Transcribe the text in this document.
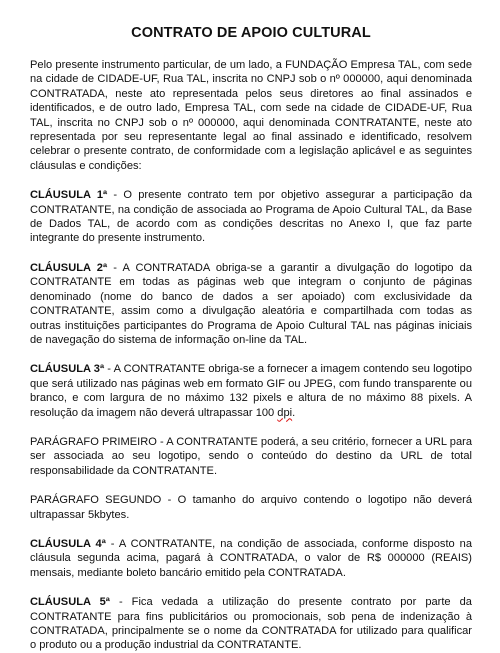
CONTRATO DE APOIO CULTURAL

Pelo presente instrumento particular, de um lado, a FUNDAÇÃO Empresa TAL, com sede na cidade de CIDADE-UF, Rua TAL, inscrita no CNPJ sob o nº 000000, aqui denominada CONTRATADA, neste ato representada pelos seus diretores ao final assinados e identificados, e de outro lado, Empresa TAL, com sede na cidade de CIDADE-UF, Rua TAL, inscrita no CNPJ sob o nº 000000, aqui denominada CONTRATANTE, neste ato representada por seu representante legal ao final assinado e identificado, resolvem celebrar o presente contrato, de conformidade com a legislação aplicável e as seguintes cláusulas e condições:

CLÁUSULA 1ª - O presente contrato tem por objetivo assegurar a participação da CONTRATANTE, na condição de associada ao Programa de Apoio Cultural TAL, da Base de Dados TAL, de acordo com as condições descritas no Anexo I, que faz parte integrante do presente instrumento.

CLÁUSULA 2ª - A CONTRATADA obriga-se a garantir a divulgação do logotipo da CONTRATANTE em todas as páginas web que integram o conjunto de páginas denominado (nome do banco de dados a ser apoiado) com exclusividade da CONTRATANTE, assim como a divulgação aleatória e compartilhada com todas as outras instituições participantes do Programa de Apoio Cultural TAL nas páginas iniciais de navegação do sistema de informação on-line da TAL.

CLÁUSULA 3ª - A CONTRATANTE obriga-se a fornecer a imagem contendo seu logotipo que será utilizado nas páginas web em formato GIF ou JPEG, com fundo transparente ou branco, e com largura de no máximo 132 pixels e altura de no máximo 88 pixels. A resolução da imagem não deverá ultrapassar 100 dpi.

PARÁGRAFO PRIMEIRO - A CONTRATANTE poderá, a seu critério, fornecer a URL para ser associada ao seu logotipo, sendo o conteúdo do destino da URL de total responsabilidade da CONTRATANTE.

PARÁGRAFO SEGUNDO - O tamanho do arquivo contendo o logotipo não deverá ultrapassar 5kbytes.

CLÁUSULA 4ª - A CONTRATANTE, na condição de associada, conforme disposto na cláusula segunda acima, pagará à CONTRATADA, o valor de R$ 000000 (REAIS) mensais, mediante boleto bancário emitido pela CONTRATADA.

CLÁUSULA 5ª - Fica vedada a utilização do presente contrato por parte da CONTRATANTE para fins publicitários ou promocionais, sob pena de indenização à CONTRATADA, principalmente se o nome da CONTRATADA for utilizado para qualificar o produto ou a produção industrial da CONTRATANTE.
